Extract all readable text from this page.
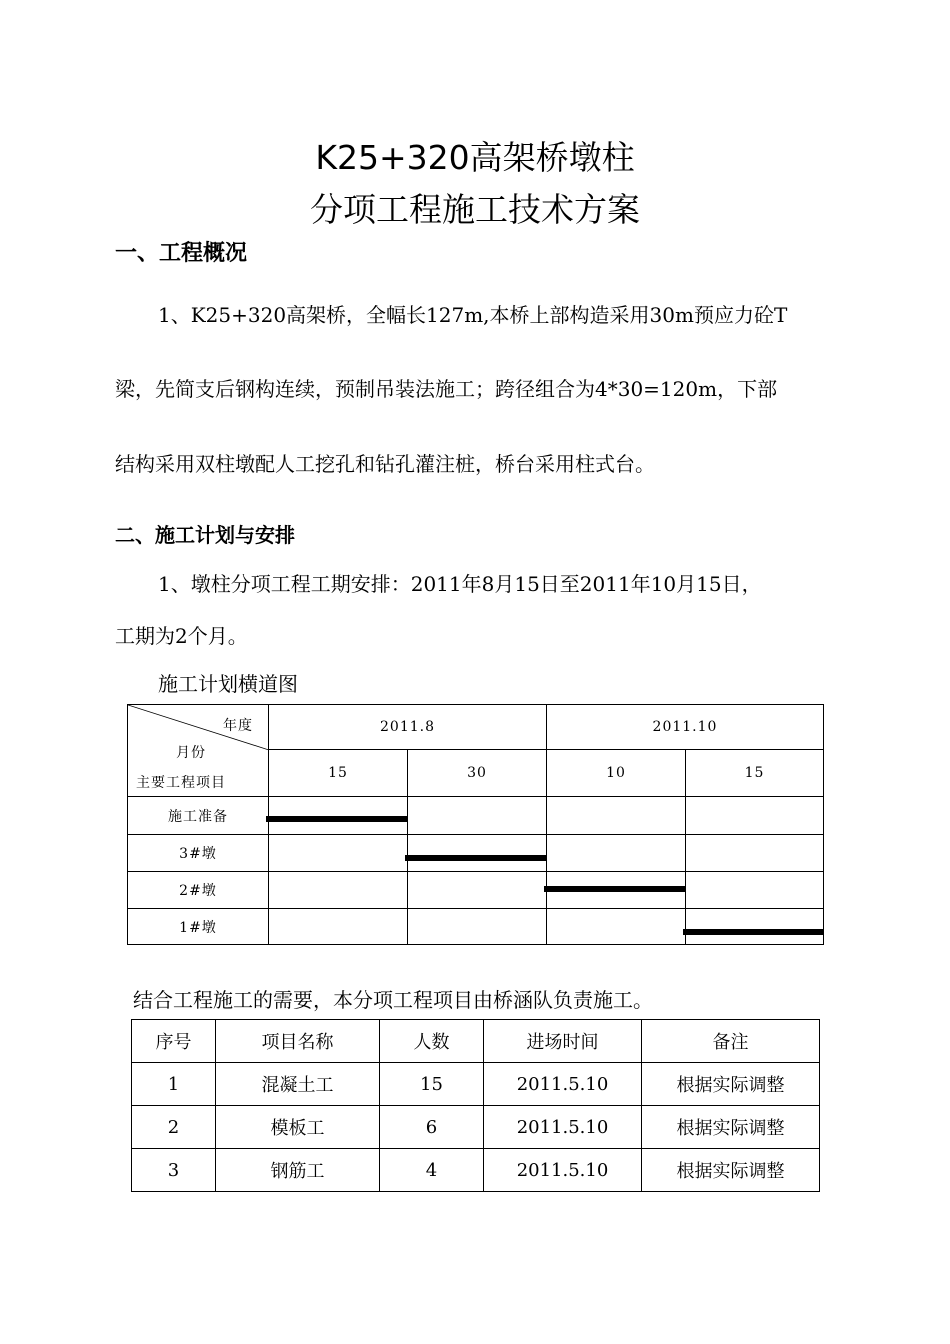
K25+320高架桥墩柱
分项工程施工技术方案
一、工程概况
1、K25+320高架桥，全幅长127m,本桥上部构造采用30m预应力砼T
梁，先简支后钢构连续，预制吊装法施工；跨径组合为4*30=120m，下部
结构采用双柱墩配人工挖孔和钻孔灌注桩，桥台采用柱式台。
二、施工计划与安排
1、墩柱分项工程工期安排：2011年8月15日至2011年10月15日，
工期为2个月。
施工计划横道图
年度
月份
主要工程项目	2011.8		2011.10	
	15	30	10	15
施工准备				
3#墩				
2#墩				
1#墩				
结合工程施工的需要，本分项工程项目由桥涵队负责施工。
序号	项目名称	人数	进场时间	备注
1	混凝土工	15	2011.5.10	根据实际调整
2	模板工	6	2011.5.10	根据实际调整
3	钢筋工	4	2011.5.10	根据实际调整
